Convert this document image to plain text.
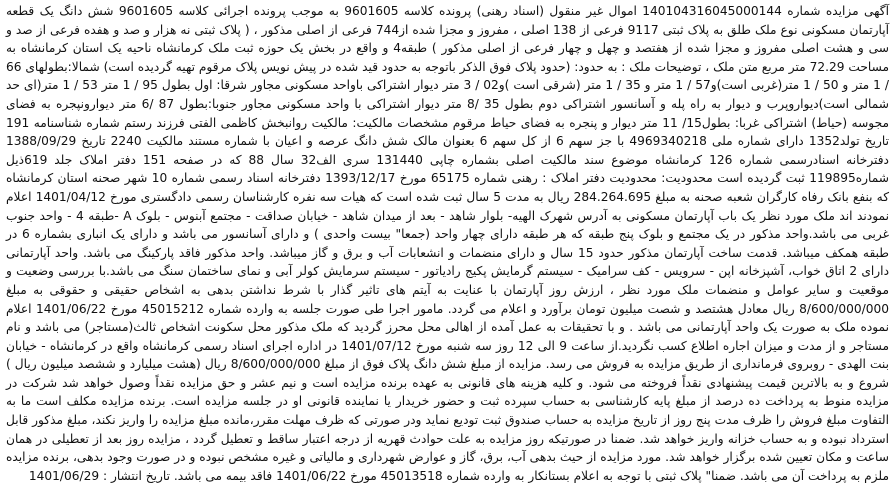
آگهی مزایده شماره 140104316045000144 اموال غیر منقول (اسناد رهنی) پرونده کلاسه 9601605 به موجب پرونده اجرائی کلاسه 9601605 شش دانگ یک قطعه آپارتمان مسکونی نوع ملک طلق به پلاک ثبتی 9117 فرعی از 138 اصلی ، مفروز و مجزا شده از744 فرعی از اصلی مذکور ، ( پلاک ثبتی نه هزار و صد و هفده فرعی از صد و سی و هشت اصلی مفروز و مجزا شده از هفتصد و چهل و چهار فرعی از اصلی مذکور ) طبقه4 و واقع در بخش یک حوزه ثبت ملک کرمانشاه ناحیه یک استان کرمانشاه به مساحت 72.29 متر مربع متن ملک ، توضیحات ملک : به حدود: (حدود پلاک فوق الذکر باتوجه به حدود قید شده در پیش نویس پلاک مرقوم تهیه گردیده است) شمالا:بطولهای 66 / 1 متر و 50 / 1 متر(غربی است)و57 / 1 متر و 35 / 1 متر (شرقی است )و02 / 3 متر دیوار اشتراکی باواحد مسکونی مجاور شرقا: اول بطول 95 / 1 متر 53 / 1 متر(ای حد شمالی است)دیواروپرب و دیوار به راه پله و آسانسور اشتراکی دوم بطول 35 /8 متر دیوار اشتراکی با واحد مسکونی مجاور جنوبا:بطول 87 /6 متر دیوارونپجره به فضای مجوسه (حیاط) اشتراکی غربا: بطول15/ 11 متر دیوار و پنجره به فضای حیاط مرقوم مشخصات مالکیت: مالکیت روانبخش کاظمی الفتی فرزند رستم شماره شناسنامه 191 تاریخ تولد1352 دارای شماره ملی 4969340218 با جز سهم 6 از کل سهم 6 بعنوان مالک شش دانگ عرصه و اعیان با شماره مستند مالکیت 2240 تاریخ 1388/09/29 دفترخانه اسنادرسمی شماره 126 کرمانشاه موضوع سند مالکیت اصلی بشماره چاپی 131440 سری الف32 سال 88 که در صفحه 151 دفتر املاک جلد 619ذیل شماره119895 ثبت گردیده است محدودیت: محدودیت دفتر املاک : رهنی شماره 65175 مورخ 1393/12/17 دفترخانه اسناد رسمی شماره 10 شهر صحنه استان کرمانشاه که بنفع بانک رفاه کارگران شعبه صحنه به مبلغ 284.264.695 ریال به مدت 5 سال ثبت شده است که هیات سه نفره کارشناسان رسمی دادگستری مورخ 1401/04/12 اعلام نمودند اند ملک مورد نظر یک باب آپارتمان مسکونی به آدرس شهرک الهیه- بلوار شاهد - بعد از میدان شاهد - خیابان صداقت - مجتمع آبنوس - بلوک A -طبقه 4 - واحد جنوب غربی می باشد.واحد مذکور در یک مجتمع و بلوک پنج طبقه که هر طبقه دارای چهار واحد (جمعا" بیست واحدی ) و دارای آسانسور می باشد و دارای یک انباری بشماره 6 در طبقه همکف میباشد. قدمت ساخت آپارتمان مذکور حدود 15 سال و دارای منضمات و انشعابات آب و برق و گاز میباشد. واحد مذکور فاقد پارکینگ می باشد. واحد آپارتمانی دارای 2 اتاق خواب، آشپزخانه اپن - سرویس - کف سرامیک - سیستم گرمایش پکیج رادیاتور - سیستم سرمایش کولر آبی و نمای ساختمان سنگ می باشد.با بررسی وضعیت و موقعیت و سایر عوامل و منضمات ملک مورد نظر ، ارزش روز آپارتمان با عنایت به آیتم های تاثیر گذار با شرط نداشتن بدهی به اشخاص حقیقی و حقوقی به مبلغ 8/600/000/000 ریال معادل هشتصد و شصت میلیون تومان برآورد و اعلام می گردد. مامور اجرا طی صورت جلسه به وارده شماره 45015212 مورخ 1401/06/22 اعلام نموده ملک به صورت یک واحد آپارتمانی می باشد . و با تحقیقات به عمل آمده از اهالی محل محرز گردید که ملک مذکور محل سکونت اشخاص ثالث(مستاجر) می باشد و نام مستاجر و از مدت و میزان اجاره اطلاع کسب نگردید.از ساعت 9 الی 12 روز سه شنبه مورخ 1401/07/12 در اداره اجرای اسناد رسمی کرمانشاه واقع در کرمانشاه - خیابان بنت الهدی - روبروی فرمانداری از طریق مزایده به فروش می رسد. مزایده از مبلغ شش دانگ پلاک فوق از مبلغ 8/600/000/000 ریال (هشت میلیارد و ششصد میلیون ریال ) شروع و به بالاترین قیمت پیشنهادی نقداً فروخته می شود. و کلیه هزینه های قانونی به عهده برنده مزایده است و نیم عشر و حق مزایده نقداً وصول خواهد شد شرکت در مزایده منوط به پرداخت ده درصد از مبلغ پایه کارشناسی به حساب سپرده ثبت و حضور خریدار یا نماینده قانونی او در جلسه مزایده است. برنده مزایده مکلف است ما به التفاوت مبلغ فروش را ظرف مدت پنج روز از تاریخ مزایده به حساب صندوق ثبت تودیع نماید ودر صورتی که ظرف مهلت مقرر،مانده مبلغ مزایده را واریز نکند، مبلغ مذکور قابل استرداد نبوده و به حساب خزانه واریز خواهد شد. ضمنا در صورتیکه روز مزایده به علت حوادث قهریه از درجه اعتبار ساقط و تعطیل گردد ، مزایده روز بعد از تعطیلی در همان ساعت و مکان تعیین شده برگزار خواهد شد. مورد مزایده از حیث بدهی آب، برق، گاز و عوارض شهرداری و مالیاتی و غیره مشخص نبوده و در صورت وجود بدهی، برنده مزایده ملزم به پرداخت آن می باشد. ضمنا" پلاک ثبتی با توجه به اعلام بستانکار به وارده شماره 45013518 مورخ 1401/06/22 فاقد بیمه می باشد. تاریخ انتشار : 1401/06/29
